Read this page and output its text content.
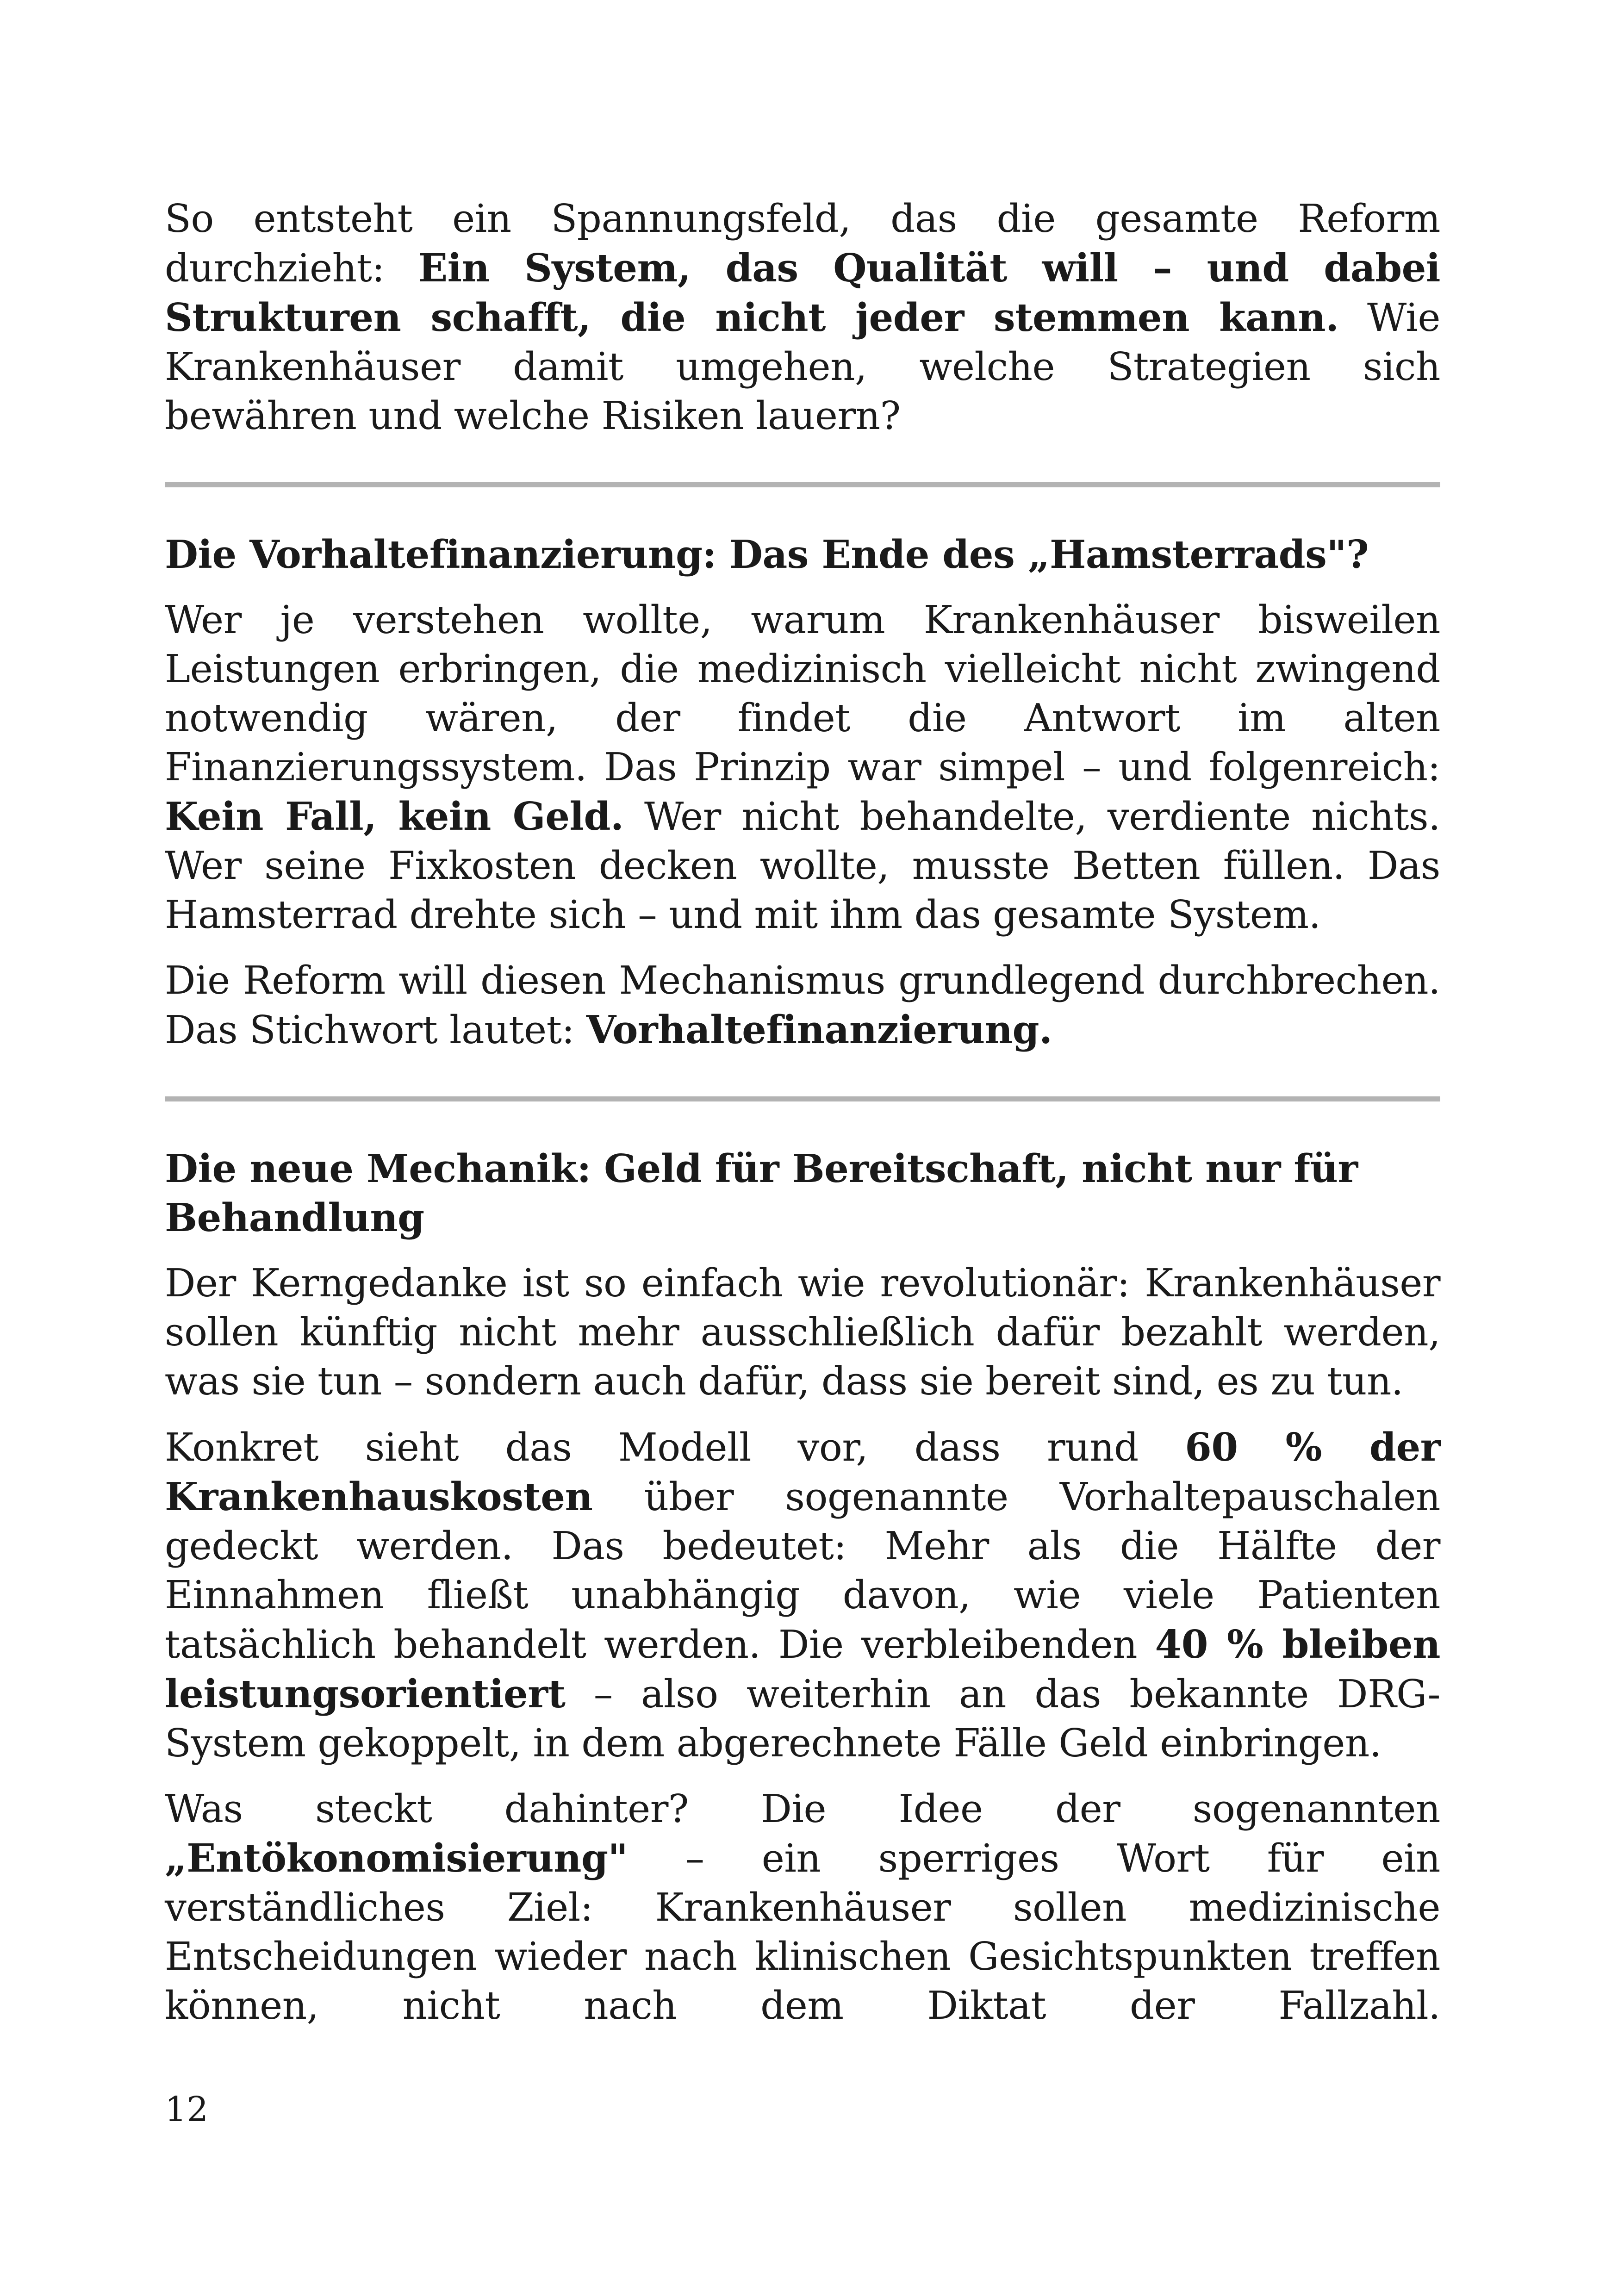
So entsteht ein Spannungsfeld, das die gesamte Reform durchzieht: Ein System, das Qualität will – und dabei Strukturen schafft, die nicht jeder stemmen kann. Wie Krankenhäuser damit umgehen, welche Strategien sich bewähren und welche Risiken lauern?

Die Vorhaltefinanzierung: Das Ende des „Hamsterrads"?

Wer je verstehen wollte, warum Krankenhäuser bisweilen Leistungen erbringen, die medizinisch vielleicht nicht zwingend notwendig wären, der findet die Antwort im alten Finanzierungssystem. Das Prinzip war simpel – und folgenreich: Kein Fall, kein Geld. Wer nicht behandelte, verdiente nichts. Wer seine Fixkosten decken wollte, musste Betten füllen. Das Hamsterrad drehte sich – und mit ihm das gesamte System.

Die Reform will diesen Mechanismus grundlegend durchbrechen. Das Stichwort lautet: Vorhaltefinanzierung.

Die neue Mechanik: Geld für Bereitschaft, nicht nur für Behandlung

Der Kerngedanke ist so einfach wie revolutionär: Krankenhäuser sollen künftig nicht mehr ausschließlich dafür bezahlt werden, was sie tun – sondern auch dafür, dass sie bereit sind, es zu tun.

Konkret sieht das Modell vor, dass rund 60 % der Krankenhauskosten über sogenannte Vorhaltepauschalen gedeckt werden. Das bedeutet: Mehr als die Hälfte der Einnahmen fließt unabhängig davon, wie viele Patienten tatsächlich behandelt werden. Die verbleibenden 40 % bleiben leistungsorientiert – also weiterhin an das bekannte DRG-System gekoppelt, in dem abgerechnete Fälle Geld einbringen.

Was steckt dahinter? Die Idee der sogenannten „Entökonomisierung" – ein sperriges Wort für ein verständliches Ziel: Krankenhäuser sollen medizinische Entscheidungen wieder nach klinischen Gesichtspunkten treffen können, nicht nach dem Diktat der Fallzahl.

12
